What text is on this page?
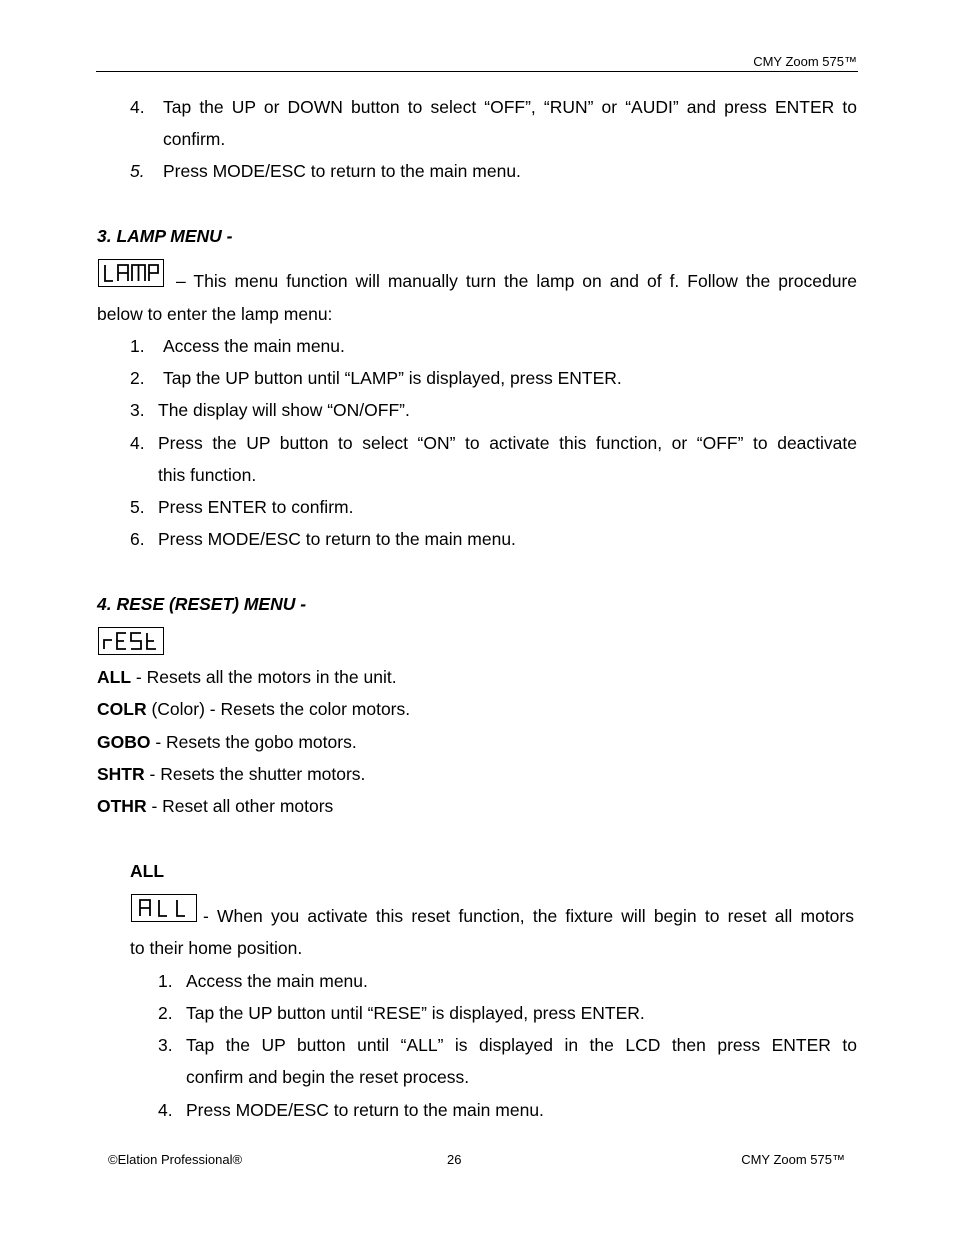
CMY Zoom 575™
4. Tap the UP or DOWN button to select “OFF”, “RUN” or “AUDI” and press ENTER to
confirm.
5. Press MODE/ESC to return to the main menu.
3. LAMP MENU -
– This menu function will manually turn the lamp on and of f. Follow the procedure
below to enter the lamp menu:
1. Access the main menu.
2. Tap the UP button until “LAMP” is displayed, press ENTER.
3. The display will show “ON/OFF”.
4. Press the UP button to select “ON” to activate this function, or “OFF” to deactivate
this function.
5. Press ENTER to confirm.
6. Press MODE/ESC to return to the main menu.
4. RESE (RESET) MENU -
ALL - Resets all the motors in the unit.
COLR (Color) - Resets the color motors.
GOBO - Resets the gobo motors.
SHTR - Resets the shutter motors.
OTHR - Reset all other motors
ALL
- When you activate this reset function, the fixture will begin to reset all motors
to their home position.
1. Access the main menu.
2. Tap the UP button until “RESE” is displayed, press ENTER.
3. Tap the UP button until “ALL” is displayed in the LCD then press ENTER to
confirm and begin the reset process.
4. Press MODE/ESC to return to the main menu.
©Elation Professional®	26	CMY Zoom 575™
